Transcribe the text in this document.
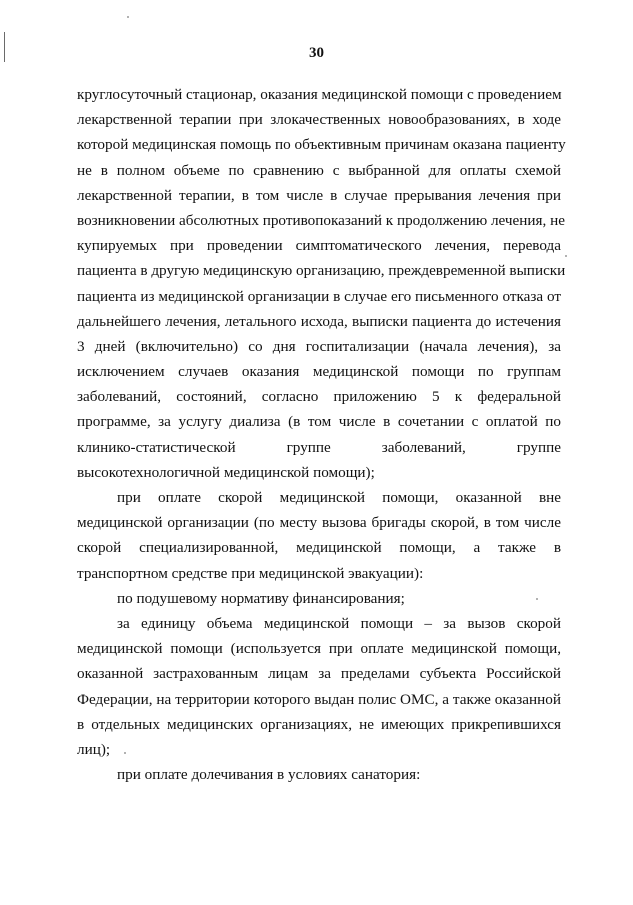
30
круглосуточный стационар, оказания медицинской помощи с проведением
лекарственной терапии при злокачественных новообразованиях, в ходе
которой медицинская помощь по объективным причинам оказана пациенту
не в полном объеме по сравнению с выбранной для оплаты схемой
лекарственной терапии, в том числе в случае прерывания лечения при
возникновении абсолютных противопоказаний к продолжению лечения, не
купируемых при проведении симптоматического лечения, перевода
пациента в другую медицинскую организацию, преждевременной выписки
пациента из медицинской организации в случае его письменного отказа от
дальнейшего лечения, летального исхода, выписки пациента до истечения
3 дней (включительно) со дня госпитализации (начала лечения), за
исключением случаев оказания медицинской помощи по группам
заболеваний, состояний, согласно приложению 5 к федеральной
программе, за услугу диализа (в том числе в сочетании с оплатой по
клинико-статистической группе заболеваний, группе
высокотехнологичной медицинской помощи);
при оплате скорой медицинской помощи, оказанной вне
медицинской организации (по месту вызова бригады скорой, в том числе
скорой специализированной, медицинской помощи, а также в
транспортном средстве при медицинской эвакуации):
по подушевому нормативу финансирования;
за единицу объема медицинской помощи – за вызов скорой
медицинской помощи (используется при оплате медицинской помощи,
оказанной застрахованным лицам за пределами субъекта Российской
Федерации, на территории которого выдан полис ОМС, а также оказанной
в отдельных медицинских организациях, не имеющих прикрепившихся
лиц);
при оплате долечивания в условиях санатория:
